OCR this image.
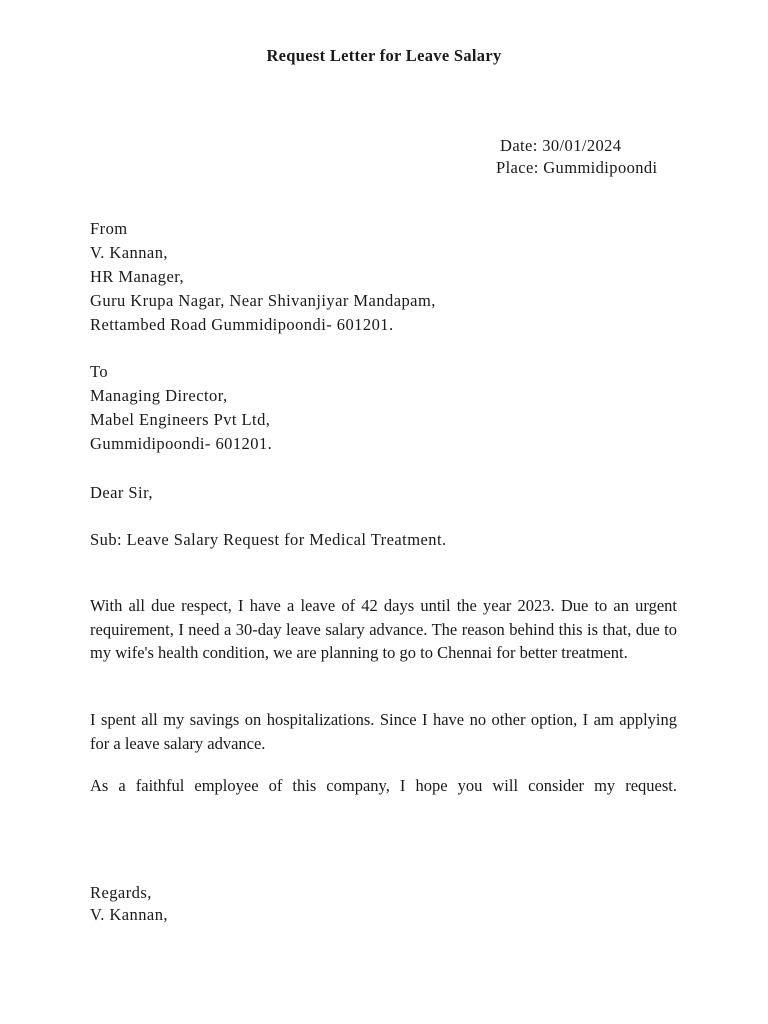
Request Letter for Leave Salary
Date: 30/01/2024
Place: Gummidipoondi
From
V. Kannan,
HR Manager,
Guru Krupa Nagar, Near Shivanjiyar Mandapam,
Rettambed Road Gummidipoondi- 601201.
To
Managing Director,
Mabel Engineers Pvt Ltd,
Gummidipoondi- 601201.
Dear Sir,
Sub: Leave Salary Request for Medical Treatment.
With all due respect, I have a leave of 42 days until the year 2023. Due to an urgent requirement, I need a 30-day leave salary advance. The reason behind this is that, due to my wife's health condition, we are planning to go to Chennai for better treatment.
I spent all my savings on hospitalizations. Since I have no other option, I am applying for a leave salary advance.
As a faithful employee of this company, I hope you will consider my request.
Regards,
V. Kannan,
